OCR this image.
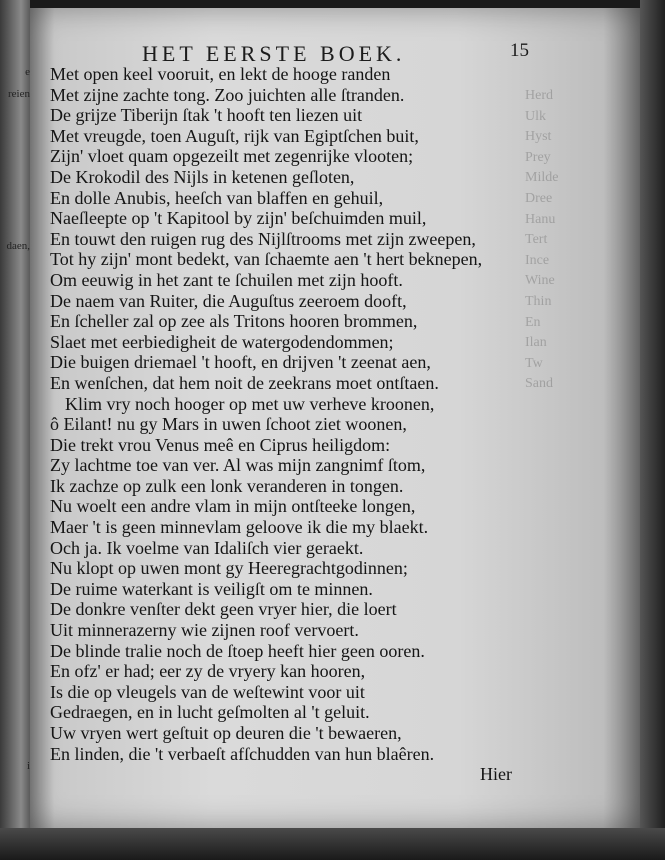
e
reien
daen,
i
Herd
Ulk
Hyst
Prey
Milde
Dree
Hanu
Tert
Ince
Wine
Thin
En
Ilan
Tw
Sand
HET EERSTE BOEK.	15
Met open keel vooruit, en lekt de hooge randen
Met zijne zachte tong. Zoo juichten alle ſtranden.
De grijze Tiberijn ſtak 't hooft ten liezen uit
Met vreugde, toen Auguſt, rijk van Egiptſchen buit,
Zijn' vloet quam opgezeilt met zegenrijke vlooten;
De Krokodil des Nijls in ketenen geſloten,
En dolle Anubis, heeſch van blaffen en gehuil,
Naeſleepte op 't Kapitool by zijn' beſchuimden muil,
En touwt den ruigen rug des Nijlſtrooms met zijn zweepen,
Tot hy zijn' mont bedekt, van ſchaemte aen 't hert beknepen,
Om eeuwig in het zant te ſchuilen met zijn hooft.
De naem van Ruiter, die Auguſtus zeeroem dooft,
En ſcheller zal op zee als Tritons hooren brommen,
Slaet met eerbiedigheit de watergodendommen;
Die buigen driemael 't hooft, en drijven 't zeenat aen,
En wenſchen, dat hem noit de zeekrans moet ontſtaen.
Klim vry noch hooger op met uw verheve kroonen,
ô Eilant! nu gy Mars in uwen ſchoot ziet woonen,
Die trekt vrou Venus meê en Ciprus heiligdom:
Zy lachtme toe van ver. Al was mijn zangnimf ſtom,
Ik zachze op zulk een lonk veranderen in tongen.
Nu woelt een andre vlam in mijn ontſteeke longen,
Maer 't is geen minnevlam geloove ik die my blaekt.
Och ja. Ik voelme van Idaliſch vier geraekt.
Nu klopt op uwen mont gy Heeregrachtgodinnen;
De ruime waterkant is veiligſt om te minnen.
De donkre venſter dekt geen vryer hier, die loert
Uit minnerazerny wie zijnen roof vervoert.
De blinde tralie noch de ſtoep heeft hier geen ooren.
En ofz' er had; eer zy de vryery kan hooren,
Is die op vleugels van de weſtewint voor uit
Gedraegen, en in lucht geſmolten al 't geluit.
Uw vryen wert geſtuit op deuren die 't bewaeren,
En linden, die 't verbaeſt afſchudden van hun blaêren.
Hier
